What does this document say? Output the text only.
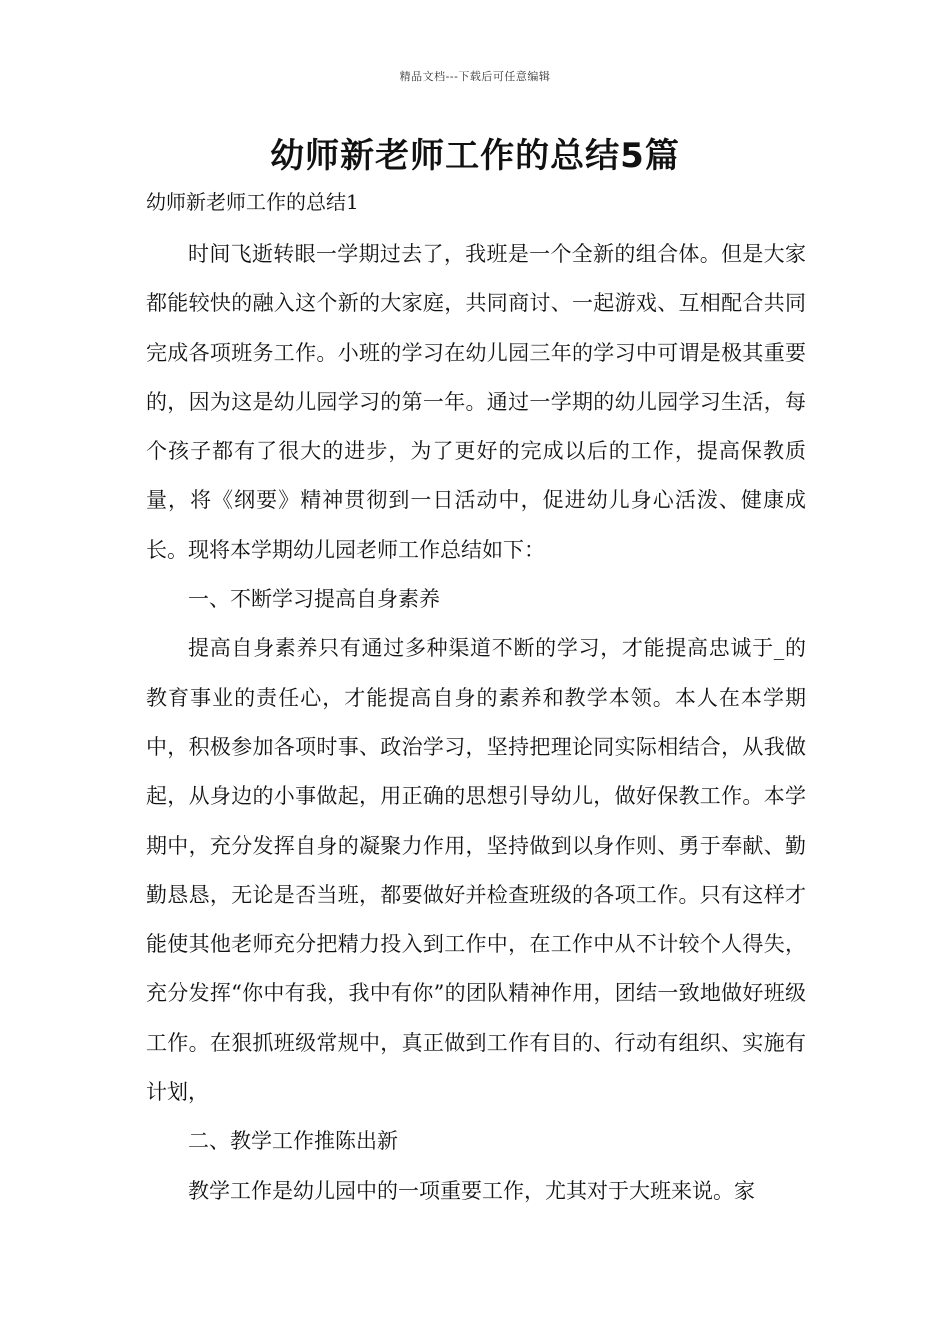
精品文档---下载后可任意编辑
幼师新老师工作的总结5篇
幼师新老师工作的总结1

时间飞逝转眼一学期过去了，我班是一个全新的组合体。但是大家都能较快的融入这个新的大家庭，共同商讨、一起游戏、互相配合共同完成各项班务工作。小班的学习在幼儿园三年的学习中可谓是极其重要的，因为这是幼儿园学习的第一年。通过一学期的幼儿园学习生活，每个孩子都有了很大的进步，为了更好的完成以后的工作，提高保教质量，将《纲要》精神贯彻到一日活动中，促进幼儿身心活泼、健康成长。现将本学期幼儿园老师工作总结如下：

一、不断学习提高自身素养

提高自身素养只有通过多种渠道不断的学习，才能提高忠诚于_的教育事业的责任心，才能提高自身的素养和教学本领。本人在本学期中，积极参加各项时事、政治学习，坚持把理论同实际相结合，从我做起，从身边的小事做起，用正确的思想引导幼儿，做好保教工作。本学期中，充分发挥自身的凝聚力作用，坚持做到以身作则、勇于奉献、勤勤恳恳，无论是否当班，都要做好并检查班级的各项工作。只有这样才能使其他老师充分把精力投入到工作中，在工作中从不计较个人得失，充分发挥“你中有我，我中有你”的团队精神作用，团结一致地做好班级工作。在狠抓班级常规中，真正做到工作有目的、行动有组织、实施有计划，

二、教学工作推陈出新

教学工作是幼儿园中的一项重要工作，尤其对于大班来说。家
